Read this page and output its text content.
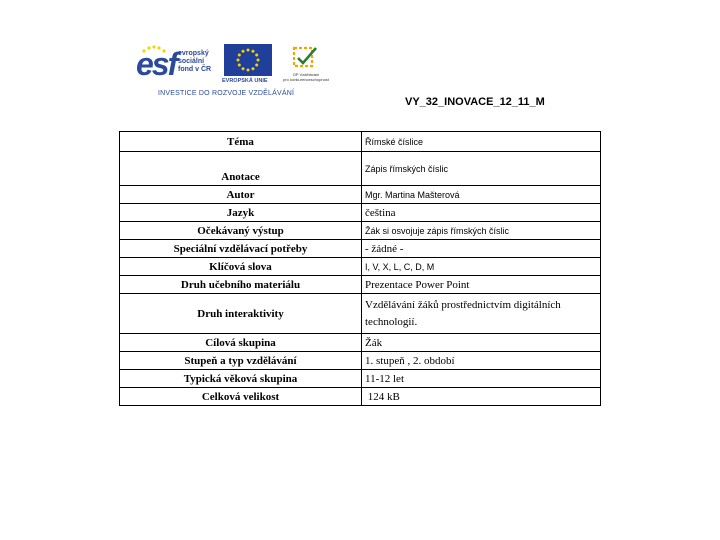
esf evropský
sociální
fond v ČR
EVROPSKÁ UNIE
OP Vzdělávání
pro konkurenceschopnost
INVESTICE DO ROZVOJE VZDĚLÁVÁNÍ
VY_32_INOVACE_12_11_M
Téma	Římské číslice
Anotace	Zápis římských číslic
Autor	Mgr. Martina Mašterová
Jazyk	čeština
Očekávaný výstup	Žák si osvojuje zápis římských číslic
Speciální vzdělávací potřeby	- žádné -
Klíčová slova	I, V, X, L, C, D, M
Druh učebního materiálu	Prezentace Power Point
Druh interaktivity	Vzdělávání žáků prostřednictvím digitálních technologií.
Cílová skupina	Žák
Stupeň a typ vzdělávání	1. stupeň , 2. období
Typická věková skupina	11-12 let
Celková velikost	124 kB
